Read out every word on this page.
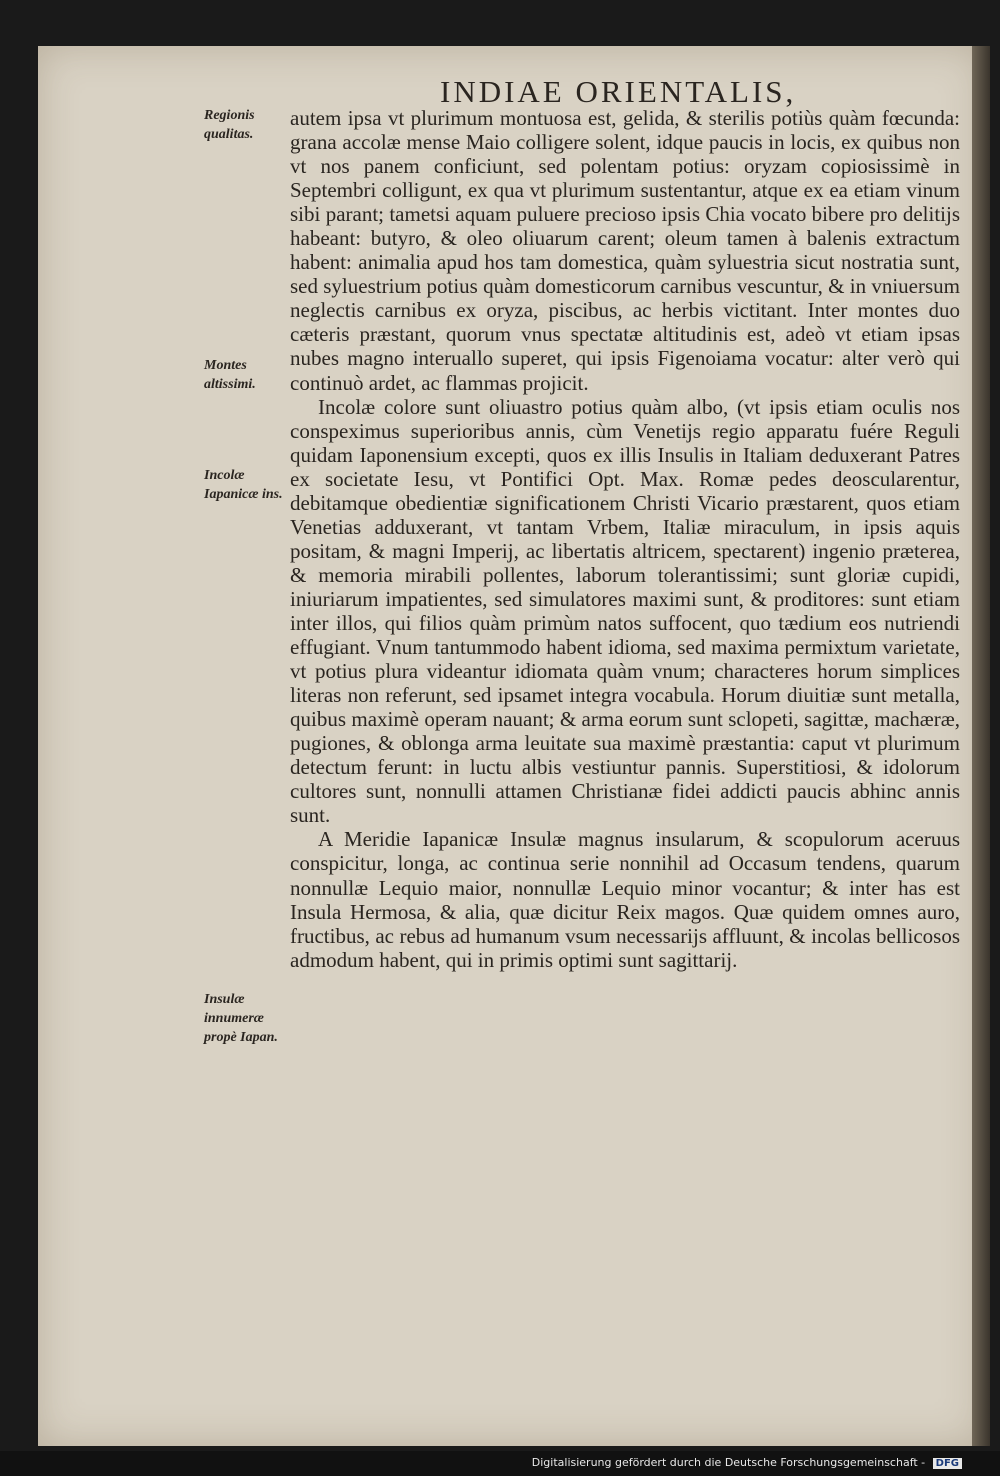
INDIAE ORIENTALIS,
Regionis qualitas.
Montes altissimi.
Incolæ Iapanicæ ins.
Insulæ innumeræ propè Iapan.

autem ipsa vt plurimum montuosa est, gelida, & sterilis potiùs quàm fœcunda: grana accolæ mense Maio colligere solent, idque paucis in locis, ex quibus non vt nos panem conficiunt, sed polentam potius: oryzam copiosissimè in Septembri colligunt, ex qua vt plurimum sustentantur, atque ex ea etiam vinum sibi parant; tametsi aquam puluere precioso ipsis Chia vocato bibere pro delitijs habeant: butyro, & oleo oliuarum carent; oleum tamen à balenis extractum habent: animalia apud hos tam domestica, quàm syluestria sicut nostratia sunt, sed syluestrium potius quàm domesticorum carnibus vescuntur, & in vniuersum neglectis carnibus ex oryza, piscibus, ac herbis victitant. Inter montes duo cæteris præstant, quorum vnus spectatæ altitudinis est, adeò vt etiam ipsas nubes magno interuallo superet, qui ipsis Figenoiama vocatur: alter verò qui continuò ardet, ac flammas projicit.

Incolæ colore sunt oliuastro potius quàm albo, (vt ipsis etiam oculis nos conspeximus superioribus annis, cùm Venetijs regio apparatu fuére Reguli quidam Iaponensium excepti, quos ex illis Insulis in Italiam deduxerant Patres ex societate Iesu, vt Pontifici Opt. Max. Romæ pedes deoscularentur, debitamque obedientiæ significationem Christi Vicario præstarent, quos etiam Venetias adduxerant, vt tantam Vrbem, Italiæ miraculum, in ipsis aquis positam, & magni Imperij, ac libertatis altricem, spectarent) ingenio præterea, & memoria mirabili pollentes, laborum tolerantissimi; sunt gloriæ cupidi, iniuriarum impatientes, sed simulatores maximi sunt, & proditores: sunt etiam inter illos, qui filios quàm primùm natos suffocent, quo tædium eos nutriendi effugiant. Vnum tantummodo habent idioma, sed maxima permixtum varietate, vt potius plura videantur idiomata quàm vnum; characteres horum simplices literas non referunt, sed ipsamet integra vocabula. Horum diuitiæ sunt metalla, quibus maximè operam nauant; & arma eorum sunt sclopeti, sagittæ, machæræ, pugiones, & oblonga arma leuitate sua maximè præstantia: caput vt plurimum detectum ferunt: in luctu albis vestiuntur pannis. Superstitiosi, & idolorum cultores sunt, nonnulli attamen Christianæ fidei addicti paucis abhinc annis sunt.

A Meridie Iapanicæ Insulæ magnus insularum, & scopulorum aceruus conspicitur, longa, ac continua serie nonnihil ad Occasum tendens, quarum nonnullæ Lequio maior, nonnullæ Lequio minor vocantur; & inter has est Insula Hermosa, & alia, quæ dicitur Reix magos. Quæ quidem omnes auro, fructibus, ac rebus ad humanum vsum necessarijs affluunt, & incolas bellicosos admodum habent, qui in primis optimi sunt sagittarij.

Digitalisierung gefördert durch die Deutsche Forschungsgemeinschaft - DFG
